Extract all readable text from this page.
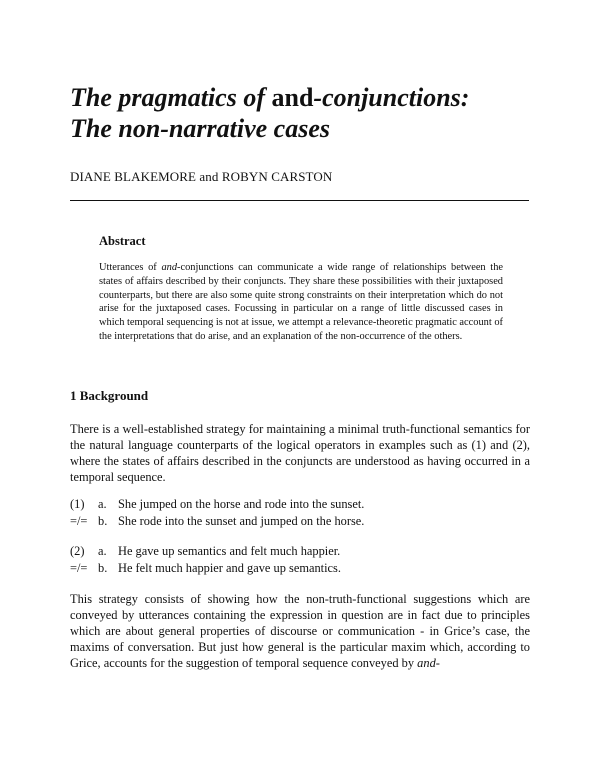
The pragmatics of and-conjunctions:
The non-narrative cases
DIANE BLAKEMORE and ROBYN CARSTON
Abstract

Utterances of and-conjunctions can communicate a wide range of relationships between the states of affairs described by their conjuncts. They share these possibilities with their juxtaposed counterparts, but there are also some quite strong constraints on their interpretation which do not arise for the juxtaposed cases. Focussing in particular on a range of little discussed cases in which temporal sequencing is not at issue, we attempt a relevance-theoretic pragmatic account of the interpretations that do arise, and an explanation of the non-occurrence of the others.

1 Background

There is a well-established strategy for maintaining a minimal truth-functional semantics for the natural language counterparts of the logical operators in examples such as (1) and (2), where the states of affairs described in the conjuncts are understood as having occurred in a temporal sequence.

(1)	a. She jumped on the horse and rode into the sunset.
=/= b. She rode into the sunset and jumped on the horse.
(2)	a. He gave up semantics and felt much happier.
=/= b. He felt much happier and gave up semantics.

This strategy consists of showing how the non-truth-functional suggestions which are conveyed by utterances containing the expression in question are in fact due to principles which are about general properties of discourse or communication - in Grice’s case, the maxims of conversation. But just how general is the particular maxim which, according to Grice, accounts for the suggestion of temporal sequence conveyed by and-
